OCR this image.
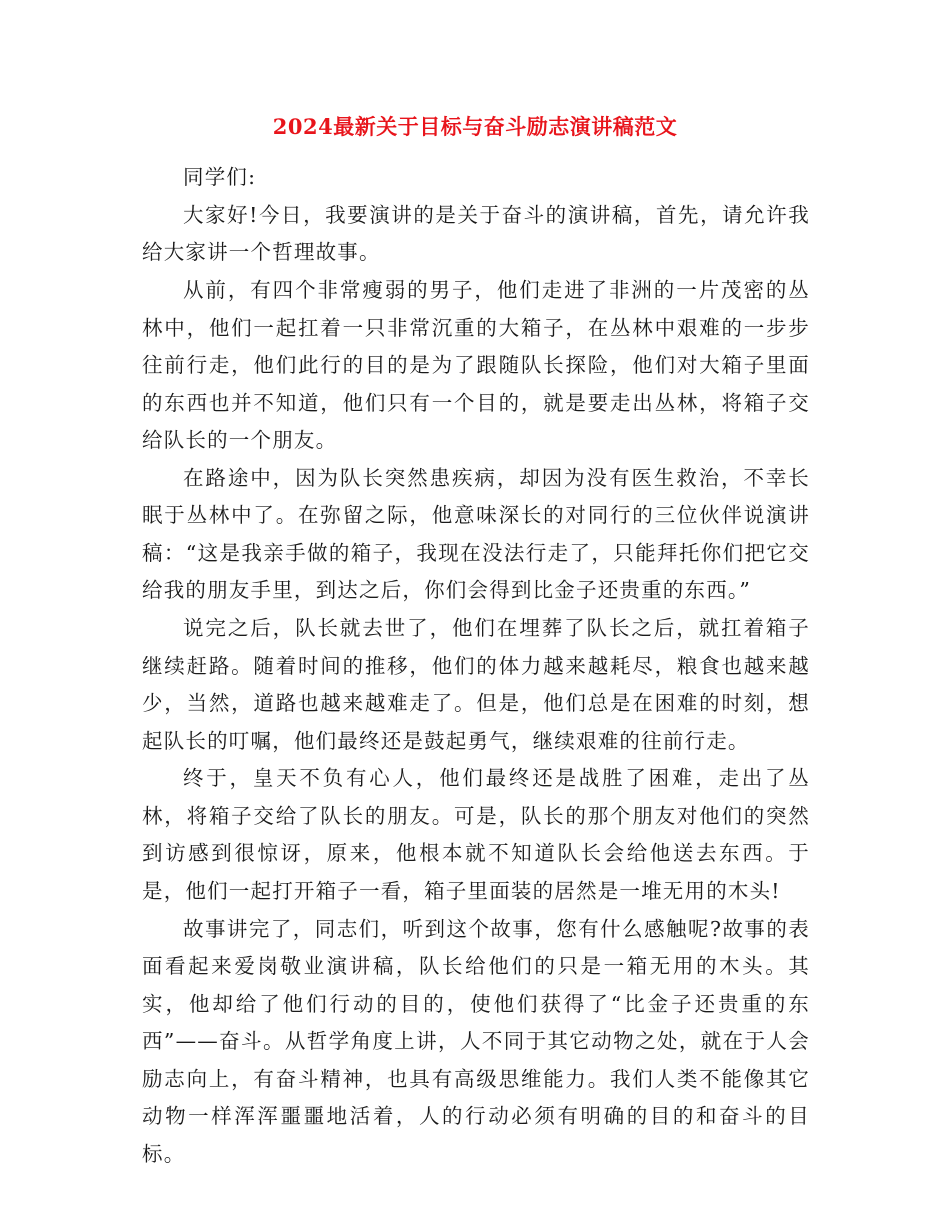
2024最新关于目标与奋斗励志演讲稿范文

同学们:

大家好!今日，我要演讲的是关于奋斗的演讲稿，首先，请允许我给大家讲一个哲理故事。

从前，有四个非常瘦弱的男子，他们走进了非洲的一片茂密的丛林中，他们一起扛着一只非常沉重的大箱子，在丛林中艰难的一步步往前行走，他们此行的目的是为了跟随队长探险，他们对大箱子里面的东西也并不知道，他们只有一个目的，就是要走出丛林，将箱子交给队长的一个朋友。

在路途中，因为队长突然患疾病，却因为没有医生救治，不幸长眠于丛林中了。在弥留之际，他意味深长的对同行的三位伙伴说演讲稿：“这是我亲手做的箱子，我现在没法行走了，只能拜托你们把它交给我的朋友手里，到达之后，你们会得到比金子还贵重的东西。”

说完之后，队长就去世了，他们在埋葬了队长之后，就扛着箱子继续赶路。随着时间的推移，他们的体力越来越耗尽，粮食也越来越少，当然，道路也越来越难走了。但是，他们总是在困难的时刻，想起队长的叮嘱，他们最终还是鼓起勇气，继续艰难的往前行走。

终于，皇天不负有心人，他们最终还是战胜了困难，走出了丛林，将箱子交给了队长的朋友。可是，队长的那个朋友对他们的突然到访感到很惊讶，原来，他根本就不知道队长会给他送去东西。于是，他们一起打开箱子一看，箱子里面装的居然是一堆无用的木头!

故事讲完了，同志们，听到这个故事，您有什么感触呢?故事的表面看起来爱岗敬业演讲稿，队长给他们的只是一箱无用的木头。其实，他却给了他们行动的目的，使他们获得了“比金子还贵重的东西”——奋斗。从哲学角度上讲，人不同于其它动物之处，就在于人会励志向上，有奋斗精神，也具有高级思维能力。我们人类不能像其它动物一样浑浑噩噩地活着，人的行动必须有明确的目的和奋斗的目标。
